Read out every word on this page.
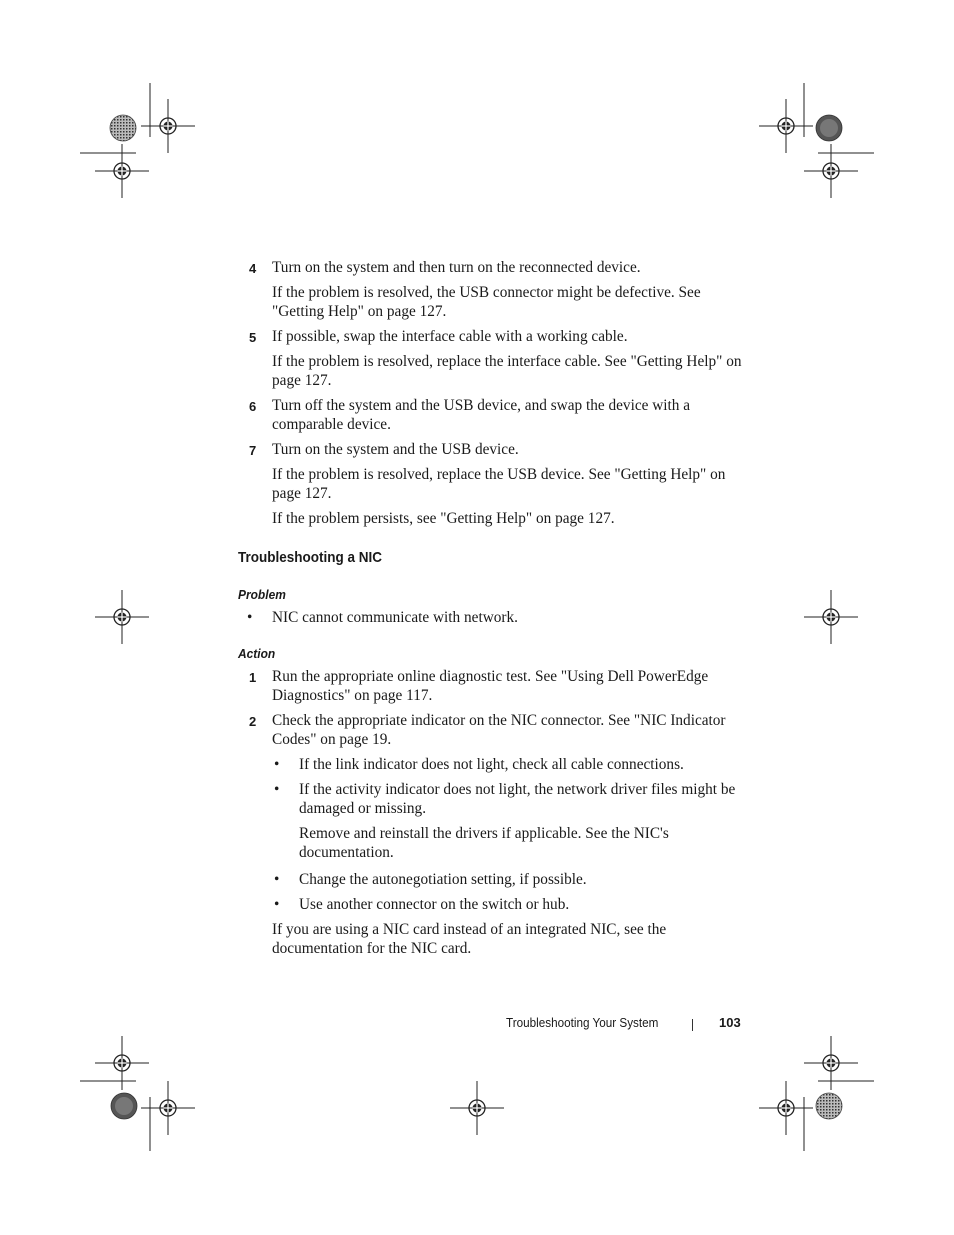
4 Turn on the system and then turn on the reconnected device.
If the problem is resolved, the USB connector might be defective. See "Getting Help" on page 127.
5 If possible, swap the interface cable with a working cable.
If the problem is resolved, replace the interface cable. See "Getting Help" on page 127.
6 Turn off the system and the USB device, and swap the device with a comparable device.
7 Turn on the system and the USB device.
If the problem is resolved, replace the USB device. See "Getting Help" on page 127.
If the problem persists, see "Getting Help" on page 127.
Troubleshooting a NIC
Problem
• NIC cannot communicate with network.
Action
1 Run the appropriate online diagnostic test. See "Using Dell PowerEdge Diagnostics" on page 117.
2 Check the appropriate indicator on the NIC connector. See "NIC Indicator Codes" on page 19.
• If the link indicator does not light, check all cable connections.
• If the activity indicator does not light, the network driver files might be damaged or missing.
Remove and reinstall the drivers if applicable. See the NIC's documentation.
• Change the autonegotiation setting, if possible.
• Use another connector on the switch or hub.
If you are using a NIC card instead of an integrated NIC, see the documentation for the NIC card.
Troubleshooting Your System	103
